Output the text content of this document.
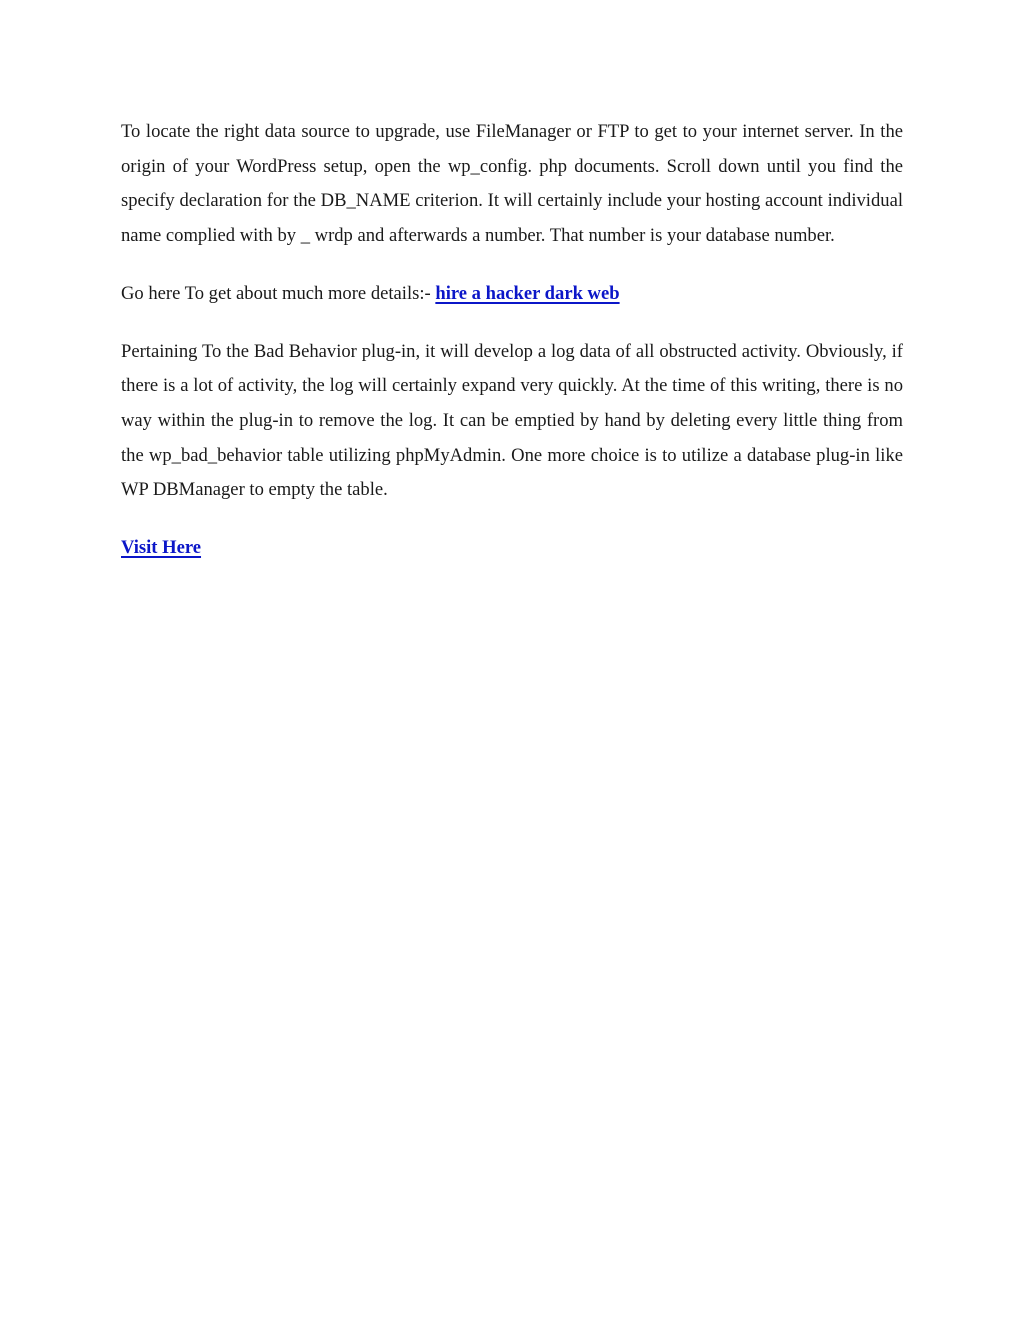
To locate the right data source to upgrade, use FileManager or FTP to get to your internet server. In the origin of your WordPress setup, open the wp_config. php documents. Scroll down until you find the specify declaration for the DB_NAME criterion. It will certainly include your hosting account individual name complied with by _ wrdp and afterwards a number. That number is your database number.

Go here To get about much more details:- hire a hacker dark web

Pertaining To the Bad Behavior plug-in, it will develop a log data of all obstructed activity. Obviously, if there is a lot of activity, the log will certainly expand very quickly. At the time of this writing, there is no way within the plug-in to remove the log. It can be emptied by hand by deleting every little thing from the wp_bad_behavior table utilizing phpMyAdmin. One more choice is to utilize a database plug-in like WP DBManager to empty the table.

Visit Here
